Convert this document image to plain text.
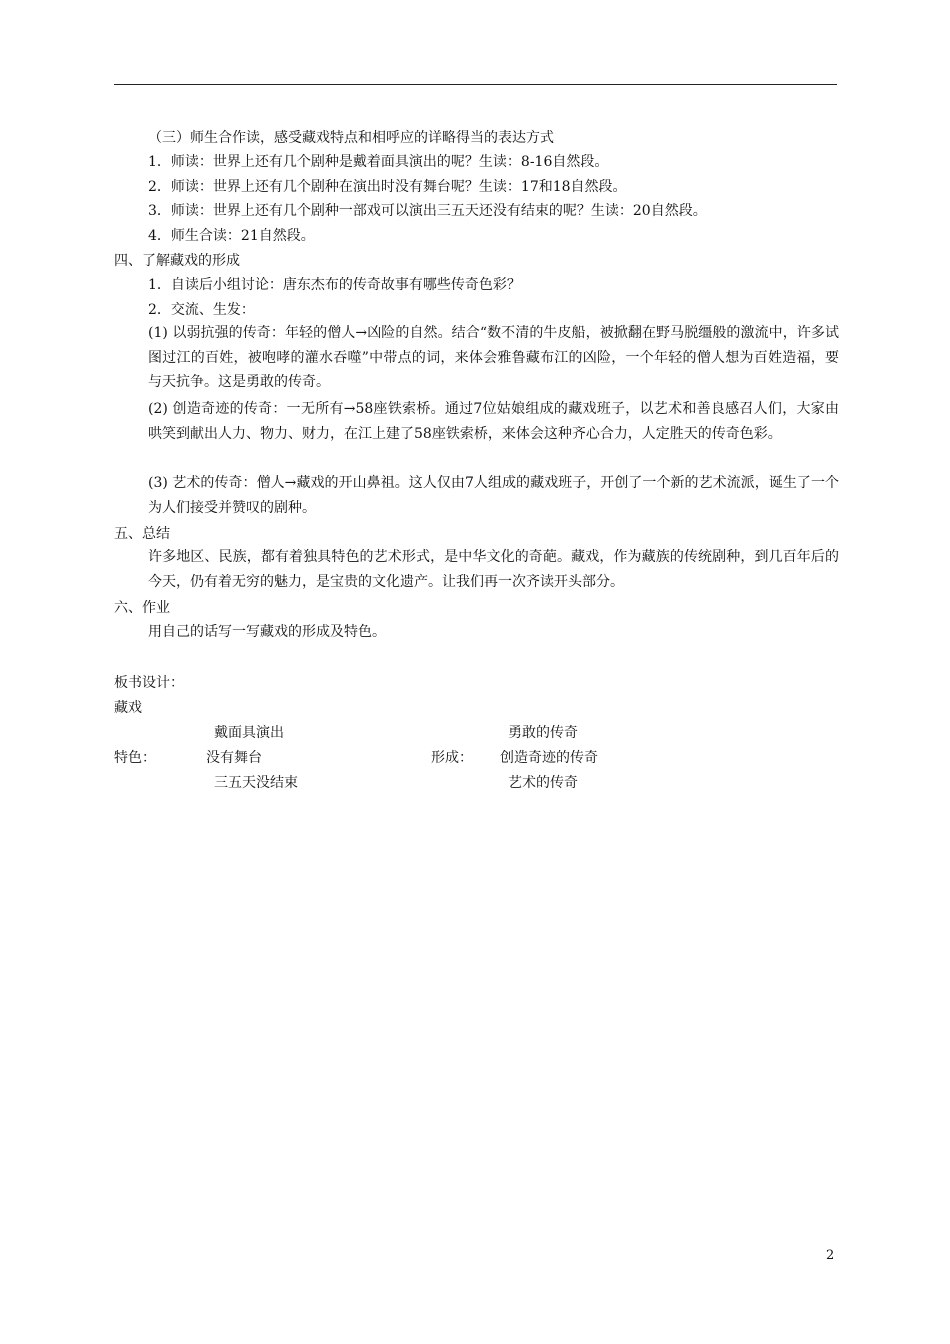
（三）师生合作读，感受藏戏特点和相呼应的详略得当的表达方式
1．师读：世界上还有几个剧种是戴着面具演出的呢？生读：8-16自然段。
2．师读：世界上还有几个剧种在演出时没有舞台呢？生读：17和18自然段。
3．师读：世界上还有几个剧种一部戏可以演出三五天还没有结束的呢？生读：20自然段。
4．师生合读：21自然段。
四、了解藏戏的形成
1．自读后小组讨论：唐东杰布的传奇故事有哪些传奇色彩？
2．交流、生发：
(1) 以弱抗强的传奇：年轻的僧人→凶险的自然。结合“数不清的牛皮船，被掀翻在野马脱缰般的激流中，许多试图过江的百姓，被咆哮的灌水吞噬”中带点的词，来体会雅鲁藏布江的凶险，一个年轻的僧人想为百姓造福，要与天抗争。这是勇敢的传奇。
(2) 创造奇迹的传奇：一无所有→58座铁索桥。通过7位姑娘组成的藏戏班子，以艺术和善良感召人们，大家由哄笑到献出人力、物力、财力，在江上建了58座铁索桥，来体会这种齐心合力，人定胜天的传奇色彩。
(3) 艺术的传奇：僧人→藏戏的开山鼻祖。这人仅由7人组成的藏戏班子，开创了一个新的艺术流派，诞生了一个为人们接受并赞叹的剧种。
五、总结
许多地区、民族，都有着独具特色的艺术形式，是中华文化的奇葩。藏戏，作为藏族的传统剧种，到几百年后的今天，仍有着无穷的魅力，是宝贵的文化遗产。让我们再一次齐读开头部分。
六、作业
用自己的话写一写藏戏的形成及特色。
板书设计：
藏戏
戴面具演出
特色：	没有舞台
三五天没结束
勇敢的传奇
形成： 创造奇迹的传奇
艺术的传奇
2
